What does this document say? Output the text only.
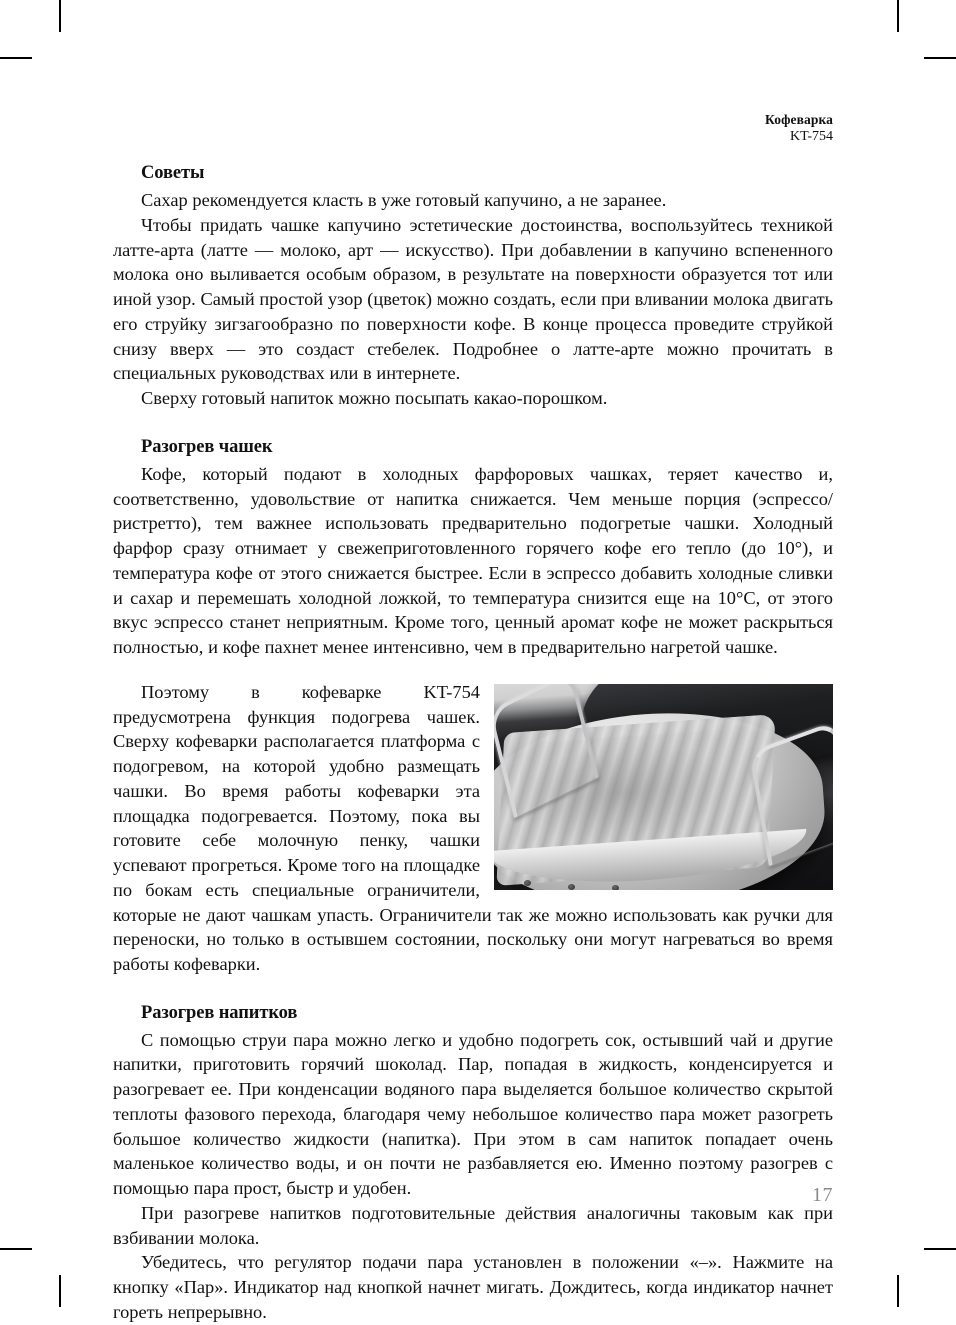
Кофеварка
KT-754
Советы

Сахар рекомендуется класть в уже готовый капучино, а не заранее.

Чтобы придать чашке капучино эстетические достоинства, воспользуйтесь техникой латте-арта (латте — молоко, арт — искусство). При добавлении в капучино вспененного молока оно выливается особым образом, в результате на поверхности образуется тот или иной узор. Самый простой узор (цветок) можно создать, если при вливании молока двигать его струйку зигзагообразно по поверхности кофе. В конце процесса проведите струйкой снизу вверх — это создаст стебелек. Подробнее о латте-арте можно прочитать в специальных руководствах или в интернете.

Сверху готовый напиток можно посыпать какао-порошком.

Разогрев чашек

Кофе, который подают в холодных фарфоровых чашках, теряет качество и, соответственно, удовольствие от напитка снижается. Чем меньше порция (эспрессо/ристретто), тем важнее использовать предварительно подогретые чашки. Холодный фарфор сразу отнимает у свежеприготовленного горячего кофе его тепло (до 10°), и температура кофе от этого снижается быстрее. Если в эспрессо добавить холодные сливки и сахар и перемешать холодной ложкой, то температура снизится еще на 10°C, от этого вкус эспрессо станет неприятным. Кроме того, ценный аромат кофе не может раскрыться полностью, и кофе пахнет менее интенсивно, чем в предварительно нагретой чашке.

Поэтому в кофеварке KT-754 предусмотрена функция подогрева чашек. Сверху кофеварки располагается платформа с подогревом, на которой удобно размещать чашки. Во время работы кофеварки эта площадка подогревается. Поэтому, пока вы готовите себе молочную пенку, чашки успевают прогреться. Кроме того на площадке по бокам есть специальные ограничители, которые не дают чашкам упасть. Ограничители так же можно использовать как ручки для переноски, но только в остывшем состоянии, поскольку они могут нагреваться во время работы кофеварки.

Разогрев напитков

С помощью струи пара можно легко и удобно подогреть сок, остывший чай и другие напитки, приготовить горячий шоколад. Пар, попадая в жидкость, конденсируется и разогревает ее. При конденсации водяного пара выделяется большое количество скрытой теплоты фазового перехода, благодаря чему небольшое количество пара может разогреть большое количество жидкости (напитка). При этом в сам напиток попадает очень маленькое количество воды, и он почти не разбавляется ею. Именно поэтому разогрев с помощью пара прост, быстр и удобен.

При разогреве напитков подготовительные действия аналогичны таковым как при взбивании молока.

Убедитесь, что регулятор подачи пара установлен в положении «–». Нажмите на кнопку «Пар». Индикатор над кнопкой начнет мигать. Дождитесь, когда индикатор начнет гореть непрерывно.

17
